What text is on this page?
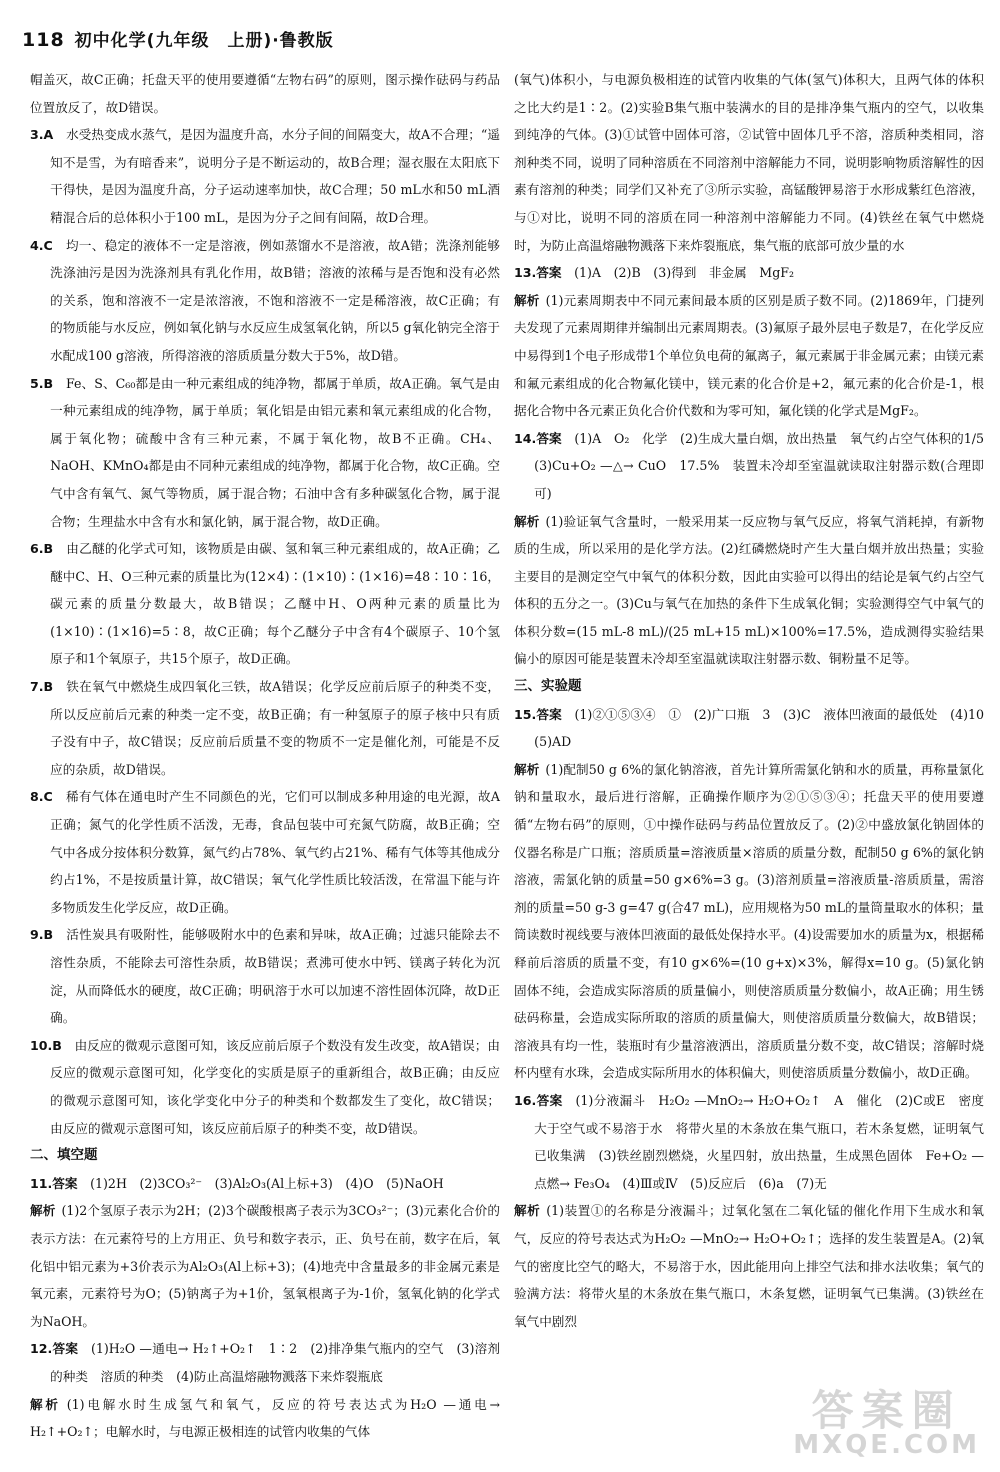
118 初中化学(九年级　上册)·鲁教版

帽盖灭，故C正确；托盘天平的使用要遵循“左物右码”的原则，图示操作砝码与药品位置放反了，故D错误。

3.A　 水受热变成水蒸气，是因为温度升高，水分子间的间隔变大，故A不合理；“遥知不是雪，为有暗香来”，说明分子是不断运动的，故B合理；湿衣服在太阳底下干得快，是因为温度升高，分子运动速率加快，故C合理；50 mL水和50 mL酒精混合后的总体积小于100 mL，是因为分子之间有间隔，故D合理。

4.C　 均一、稳定的液体不一定是溶液，例如蒸馏水不是溶液，故A错；洗涤剂能够洗涤油污是因为洗涤剂具有乳化作用，故B错；溶液的浓稀与是否饱和没有必然的关系，饱和溶液不一定是浓溶液，不饱和溶液不一定是稀溶液，故C正确；有的物质能与水反应，例如氧化钠与水反应生成氢氧化钠，所以5 g氧化钠完全溶于水配成100 g溶液，所得溶液的溶质质量分数大于5%，故D错。

5.B　 Fe、S、C₆₀都是由一种元素组成的纯净物，都属于单质，故A正确。氧气是由一种元素组成的纯净物，属于单质；氧化铝是由铝元素和氧元素组成的化合物，属于氧化物；硫酸中含有三种元素，不属于氧化物，故B不正确。CH₄、NaOH、KMnO₄都是由不同种元素组成的纯净物，都属于化合物，故C正确。空气中含有氧气、氮气等物质，属于混合物；石油中含有多种碳氢化合物，属于混合物；生理盐水中含有水和氯化钠，属于混合物，故D正确。

6.B　 由乙醚的化学式可知，该物质是由碳、氢和氧三种元素组成的，故A正确；乙醚中C、H、O三种元素的质量比为(12×4)∶(1×10)∶(1×16)=48∶10∶16，碳元素的质量分数最大，故B错误；乙醚中H、O两种元素的质量比为(1×10)∶(1×16)=5∶8，故C正确；每个乙醚分子中含有4个碳原子、10个氢原子和1个氧原子，共15个原子，故D正确。

7.B　 铁在氧气中燃烧生成四氧化三铁，故A错误；化学反应前后原子的种类不变，所以反应前后元素的种类一定不变，故B正确；有一种氢原子的原子核中只有质子没有中子，故C错误；反应前后质量不变的物质不一定是催化剂，可能是不反应的杂质，故D错误。

8.C　 稀有气体在通电时产生不同颜色的光，它们可以制成多种用途的电光源，故A正确；氮气的化学性质不活泼，无毒，食品包装中可充氮气防腐，故B正确；空气中各成分按体积分数算，氮气约占78%、氧气约占21%、稀有气体等其他成分约占1%，不是按质量计算，故C错误；氧气化学性质比较活泼，在常温下能与许多物质发生化学反应，故D正确。

9.B　 活性炭具有吸附性，能够吸附水中的色素和异味，故A正确；过滤只能除去不溶性杂质，不能除去可溶性杂质，故B错误；煮沸可使水中钙、镁离子转化为沉淀，从而降低水的硬度，故C正确；明矾溶于水可以加速不溶性固体沉降，故D正确。

10.B　 由反应的微观示意图可知，该反应前后原子个数没有发生改变，故A错误；由反应的微观示意图可知，化学变化的实质是原子的重新组合，故B正确；由反应的微观示意图可知，该化学变化中分子的种类和个数都发生了变化，故C错误；由反应的微观示意图可知，该反应前后原子的种类不变，故D错误。

二、填空题

11.答案　 (1)2H　(2)3CO₃²⁻　(3)Al₂O₃(Al上标+3)　(4)O　(5)NaOH

解析 (1)2个氢原子表示为2H；(2)3个碳酸根离子表示为3CO₃²⁻；(3)元素化合价的表示方法：在元素符号的上方用正、负号和数字表示，正、负号在前，数字在后，氧化铝中铝元素为+3价表示为Al₂O₃(Al上标+3)；(4)地壳中含量最多的非金属元素是氧元素，元素符号为O；(5)钠离子为+1价，氢氧根离子为-1价，氢氧化钠的化学式为NaOH。

12.答案　 (1)H₂O —通电→ H₂↑+O₂↑　1∶2　(2)排净集气瓶内的空气　(3)溶剂的种类　溶质的种类　(4)防止高温熔融物溅落下来炸裂瓶底

解析 (1)电解水时生成氢气和氧气，反应的符号表达式为H₂O —通电→ H₂↑+O₂↑；电解水时，与电源正极相连的试管内收集的气体

(氧气)体积小，与电源负极相连的试管内收集的气体(氢气)体积大，且两气体的体积之比大约是1∶2。(2)实验B集气瓶中装满水的目的是排净集气瓶内的空气，以收集到纯净的气体。(3)①试管中固体可溶，②试管中固体几乎不溶，溶质种类相同，溶剂种类不同，说明了同种溶质在不同溶剂中溶解能力不同，说明影响物质溶解性的因素有溶剂的种类；同学们又补充了③所示实验，高锰酸钾易溶于水形成紫红色溶液，与①对比，说明不同的溶质在同一种溶剂中溶解能力不同。(4)铁丝在氧气中燃烧时，为防止高温熔融物溅落下来炸裂瓶底，集气瓶的底部可放少量的水

13.答案　 (1)A　(2)B　(3)得到　非金属　MgF₂

解析 (1)元素周期表中不同元素间最本质的区别是质子数不同。(2)1869年，门捷列夫发现了元素周期律并编制出元素周期表。(3)氟原子最外层电子数是7，在化学反应中易得到1个电子形成带1个单位负电荷的氟离子，氟元素属于非金属元素；由镁元素和氟元素组成的化合物氟化镁中，镁元素的化合价是+2，氟元素的化合价是-1，根据化合物中各元素正负化合价代数和为零可知，氟化镁的化学式是MgF₂。

14.答案　 (1)A　O₂　化学　(2)生成大量白烟，放出热量　氧气约占空气体积的1/5　(3)Cu+O₂ —△→ CuO　17.5%　装置未冷却至室温就读取注射器示数(合理即可)

解析 (1)验证氧气含量时，一般采用某一反应物与氧气反应，将氧气消耗掉，有新物质的生成，所以采用的是化学方法。(2)红磷燃烧时产生大量白烟并放出热量；实验主要目的是测定空气中氧气的体积分数，因此由实验可以得出的结论是氧气约占空气体积的五分之一。(3)Cu与氧气在加热的条件下生成氧化铜；实验测得空气中氧气的体积分数=(15 mL-8 mL)/(25 mL+15 mL)×100%=17.5%，造成测得实验结果偏小的原因可能是装置未冷却至室温就读取注射器示数、铜粉量不足等。

三、实验题

15.答案　 (1)②①⑤③④　①　(2)广口瓶　3　(3)C　液体凹液面的最低处　(4)10　(5)AD

解析 (1)配制50 g 6%的氯化钠溶液，首先计算所需氯化钠和水的质量，再称量氯化钠和量取水，最后进行溶解，正确操作顺序为②①⑤③④；托盘天平的使用要遵循“左物右码”的原则，①中操作砝码与药品位置放反了。(2)②中盛放氯化钠固体的仪器名称是广口瓶；溶质质量=溶液质量×溶质的质量分数，配制50 g 6%的氯化钠溶液，需氯化钠的质量=50 g×6%=3 g。(3)溶剂质量=溶液质量-溶质质量，需溶剂的质量=50 g-3 g=47 g(合47 mL)，应用规格为50 mL的量筒量取水的体积；量筒读数时视线要与液体凹液面的最低处保持水平。(4)设需要加水的质量为x，根据稀释前后溶质的质量不变，有10 g×6%=(10 g+x)×3%，解得x=10 g。(5)氯化钠固体不纯，会造成实际溶质的质量偏小，则使溶质质量分数偏小，故A正确；用生锈砝码称量，会造成实际所取的溶质的质量偏大，则使溶质质量分数偏大，故B错误；溶液具有均一性，装瓶时有少量溶液洒出，溶质质量分数不变，故C错误；溶解时烧杯内壁有水珠，会造成实际所用水的体积偏大，则使溶质质量分数偏小，故D正确。

16.答案　 (1)分液漏斗　H₂O₂ —MnO₂→ H₂O+O₂↑　A　催化　(2)C或E　密度大于空气或不易溶于水　将带火星的木条放在集气瓶口，若木条复燃，证明氧气已收集满　(3)铁丝剧烈燃烧，火星四射，放出热量，生成黑色固体　Fe+O₂ —点燃→ Fe₃O₄　(4)Ⅲ或Ⅳ　(5)反应后　(6)a　(7)无

解析 (1)装置①的名称是分液漏斗；过氧化氢在二氧化锰的催化作用下生成水和氧气，反应的符号表达式为H₂O₂ —MnO₂→ H₂O+O₂↑；选择的发生装置是A。(2)氧气的密度比空气的略大，不易溶于水，因此能用向上排空气法和排水法收集；氧气的验满方法：将带火星的木条放在集气瓶口，木条复燃，证明氧气已集满。(3)铁丝在氧气中剧烈

答案圈
MXQE.COM
